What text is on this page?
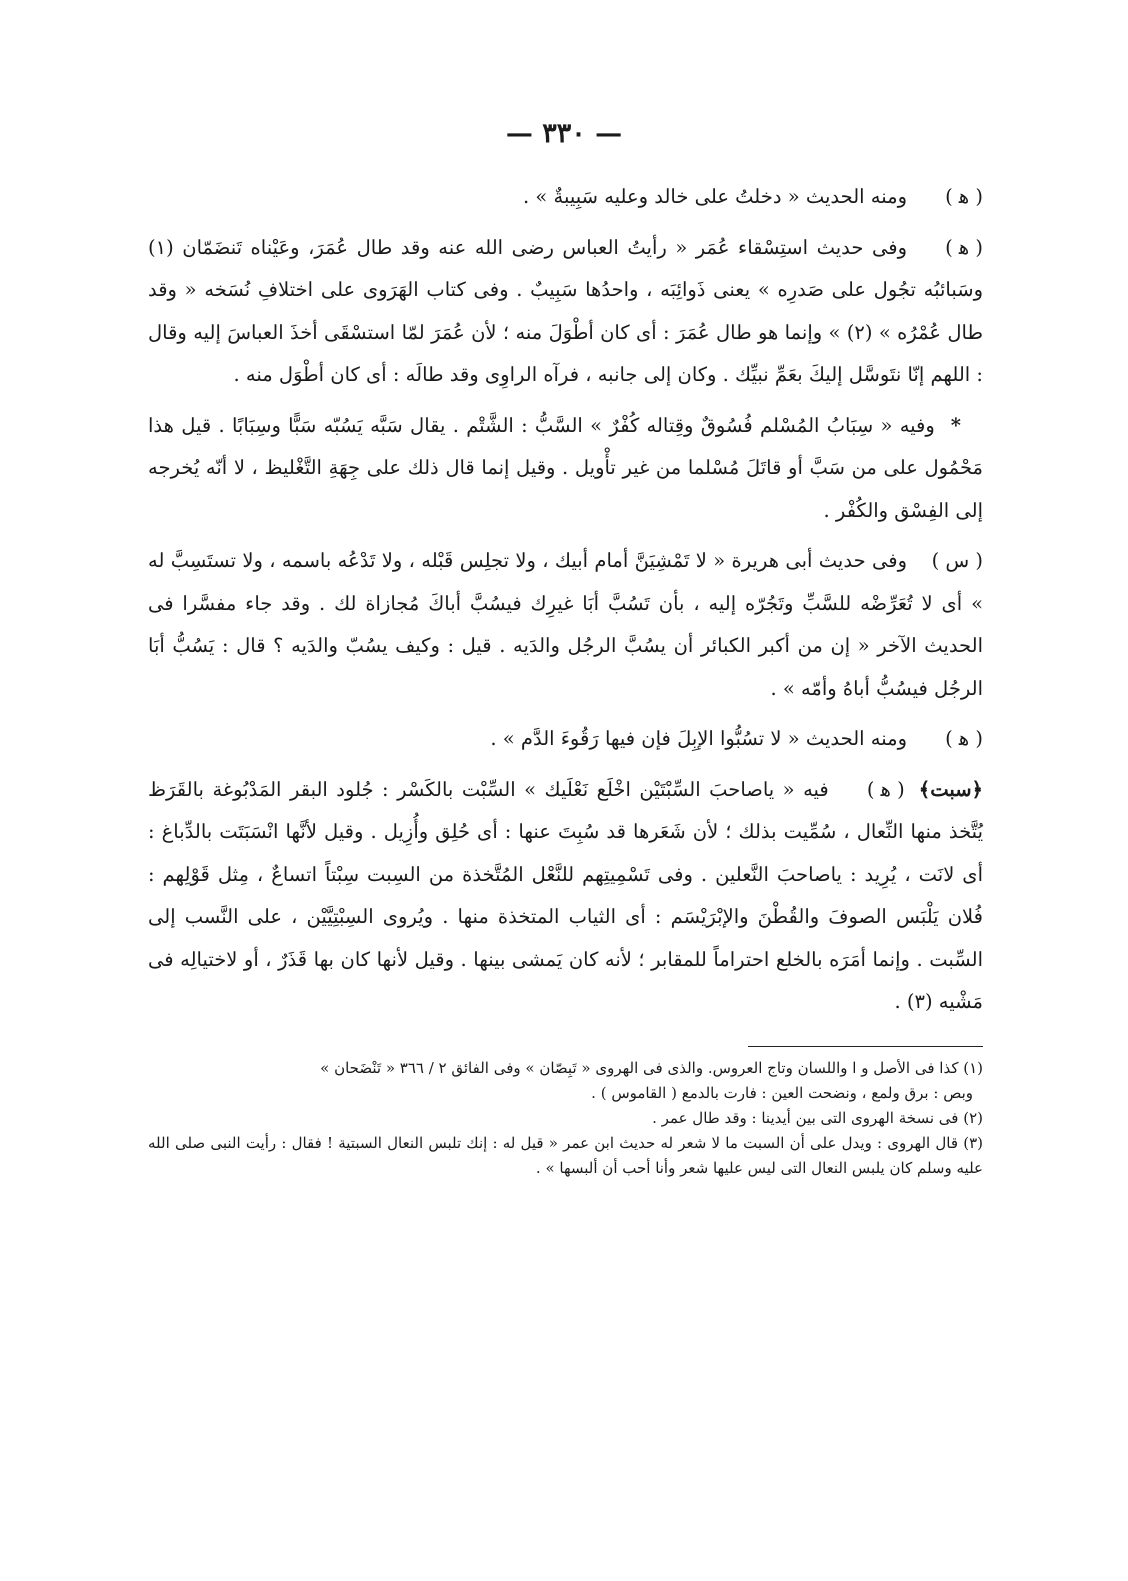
— ٣٣٠ —

( ﻫ )ومنه الحديث « دخلتُ على خالد وعليه سَبِيبةٌ » .

( ﻫ )وفى حديث استِسْقاء عُمَر « رأيتُ العباس رضى الله عنه وقد طال عُمَرَ، وعَيْناه تَنضَمّان (١) وسَبائبُه تجُول على صَدرِه » يعنى ذَوائِبَه ، واحدُها سَبِيبٌ . وفى كتاب الهَرَوى على اختلافِ نُسَخه « وقد طال عُمْرُه » (٢) » وإنما هو طال عُمَرَ : أى كان أطْوَلَ منه ؛ لأن عُمَرَ لمّا استسْقَى أخذَ العباسَ إليه وقال : اللهم إنّا نتَوسَّل إليكَ بعَمِّ نبيِّك . وكان إلى جانبه ، فرآه الراوِى وقد طالَه : أى كان أطْوَل منه .

*وفيه « سِبَابُ المُسْلم فُسُوقٌ وقِتاله كُفْرٌ » السَّبُّ : الشَّتْم . يقال سَبَّه يَسُبّه سَبًّا وسِبَابًا . قيل هذا مَحْمُول على من سَبَّ أو قاتَلَ مُسْلما من غير تأْويل . وقيل إنما قال ذلك على جِهَةِ التَّغْليظ ، لا أنّه يُخرجه إلى الفِسْق والكُفْر .

( س )وفى حديث أبى هريرة « لا تَمْشِيَنَّ أمام أبيك ، ولا تجلِس قَبْله ، ولا تَدْعُه باسمه ، ولا تستَسِبَّ له » أى لا تُعَرِّضْه للسَّبِّ وتَجُرّه إليه ، بأن تَسُبَّ أبَا غيرِك فيسُبَّ أباكَ مُجازاة لك . وقد جاء مفسَّرا فى الحديث الآخر « إن من أكبر الكبائر أن يسُبَّ الرجُل والدَيه . قيل : وكيف يسُبّ والدَيه ؟ قال : يَسُبُّ أبَا الرجُل فيسُبُّ أباهُ وأمّه » .

( ﻫ )ومنه الحديث « لا تسُبُّوا الإبِلَ فإن فيها رَقُوءَ الدَّم » .

﴿سبت﴾( ﻫ )فيه « ياصاحبَ السِّبْتَيْن اخْلَع نَعْلَيك » السِّبْت بالكَسْر : جُلود البقر المَدْبُوغة بالقَرَظ يُتَّخذ منها النِّعال ، سُمِّيت بذلك ؛ لأن شَعَرها قد سُبِتَ عنها : أى حُلِق وأُزِيل . وقيل لأنَّها انْسَبَتَت بالدِّباغ : أى لانَت ، يُرِيد : ياصاحبَ النَّعلين . وفى تَسْمِيتِهم للنَّعْل المُتَّخذة من السِبت سِبْتاً اتساعٌ ، مِثل قَوْلِهم : فُلان يَلْبَس الصوفَ والقُطْنَ والإبْرَيْسَم : أى الثياب المتخذة منها . ويُروى السِبْتِيَّيْن ، على النَّسب إلى السِّبت . وإنما أمَرَه بالخلع احتراماً للمقابر ؛ لأنه كان يَمشى بينها . وقيل لأنها كان بها قَذَرٌ ، أو لاختيالِه فى مَشْيه (٣) .

(١) كذا فى الأصل و ا واللسان وتاج العروس. والذى فى الهروى « تَبِصّان » وفى الفائق ٢ / ٣٦٦ « تَنْضَحان »

وبص : برق ولمع ، ونضحت العين : فارت بالدمع ( القاموس ) .

(٢) فى نسخة الهروى التى بين أيدينا : وقد طال عمر .

(٣) قال الهروى : ويدل على أن السبت ما لا شعر له حديث ابن عمر « قيل له : إنك تلبس النعال السبتية ! فقال : رأيت النبى صلى الله عليه وسلم كان يلبس النعال التى ليس عليها شعر وأنا أحب أن ألبسها » .
